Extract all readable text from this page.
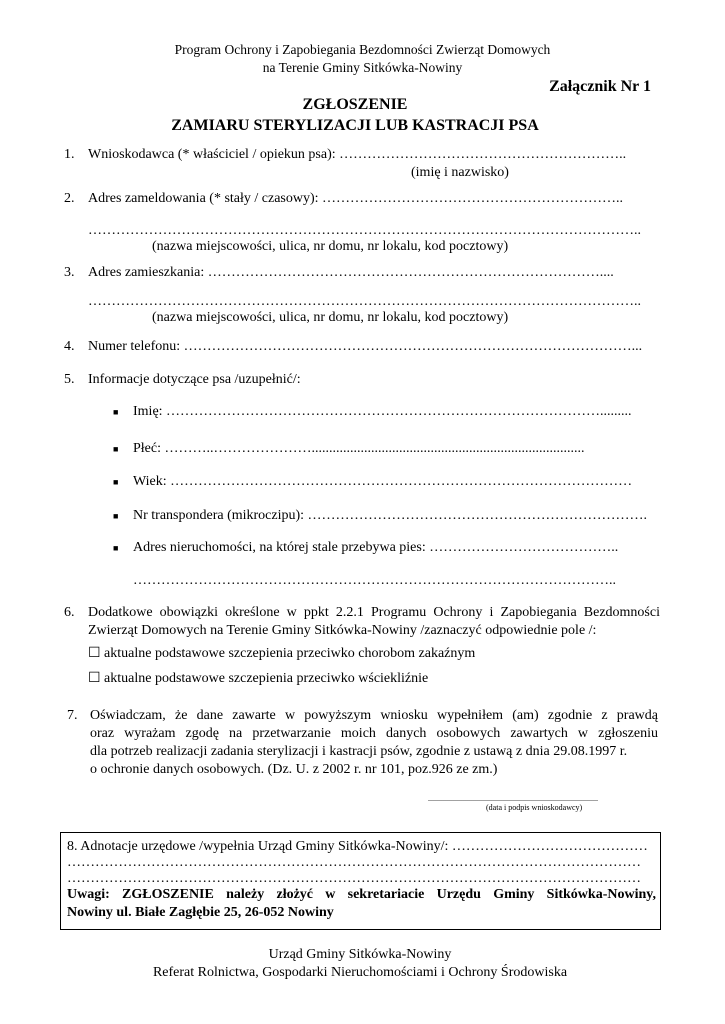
Program Ochrony i Zapobiegania Bezdomności Zwierząt Domowych
na Terenie Gminy Sitkówka-Nowiny
Załącznik Nr 1
ZGŁOSZENIE
ZAMIARU STERYLIZACJI LUB KASTRACJI PSA
1. Wnioskodawca (* właściciel / opiekun psa): ……………………………………………………..
(imię i nazwisko)
2. Adres zameldowania (* stały / czasowy): ………………………………………………………..
………………………………………………………………………………………………………..
(nazwa miejscowości, ulica, nr domu, nr lokalu, kod pocztowy)
3. Adres zamieszkania: …………………………………………………………………………....
………………………………………………………………………………………………………..
(nazwa miejscowości, ulica, nr domu, nr lokalu, kod pocztowy)
4. Numer telefonu: ……………………………………………………………………………………...
5. Informacje dotyczące psa /uzupełnić/:
■ Imię: ………………………………………………………………………………….........
■ Płeć: ………..…………………..............................................................................
■ Wiek: ………………………………………………………………………………………
■ Nr transpondera (mikroczipu): ……………………………………………………………….
■ Adres nieruchomości, na której stale przebywa pies: …………………………………..
…………………………………………………………………………………………..
6. Dodatkowe obowiązki określone w ppkt 2.2.1 Programu Ochrony i Zapobiegania Bezdomności
Zwierząt Domowych na Terenie Gminy Sitkówka-Nowiny /zaznaczyć odpowiednie pole /:
☐ aktualne podstawowe szczepienia przeciwko chorobom zakaźnym
☐ aktualne podstawowe szczepienia przeciwko wściekliźnie
7. Oświadczam, że dane zawarte w powyższym wniosku wypełniłem (am) zgodnie z prawdą
oraz wyrażam zgodę na przetwarzanie moich danych osobowych zawartych w zgłoszeniu
dla potrzeb realizacji zadania sterylizacji i kastracji psów, zgodnie z ustawą z dnia 29.08.1997 r.
o ochronie danych osobowych. (Dz. U. z 2002 r. nr 101, poz.926 ze zm.)
.....................................................................................
(data i podpis wnioskodawcy)
8. Adnotacje urzędowe /wypełnia Urząd Gminy Sitkówka-Nowiny/: ……………………………………
……………………………………………………………………………………………………………
……………………………………………………………………………………………………………
Uwagi: ZGŁOSZENIE należy złożyć w sekretariacie Urzędu Gminy Sitkówka-Nowiny,
Nowiny ul. Białe Zagłębie 25, 26-052 Nowiny
Urząd Gminy Sitkówka-Nowiny
Referat Rolnictwa, Gospodarki Nieruchomościami i Ochrony Środowiska
